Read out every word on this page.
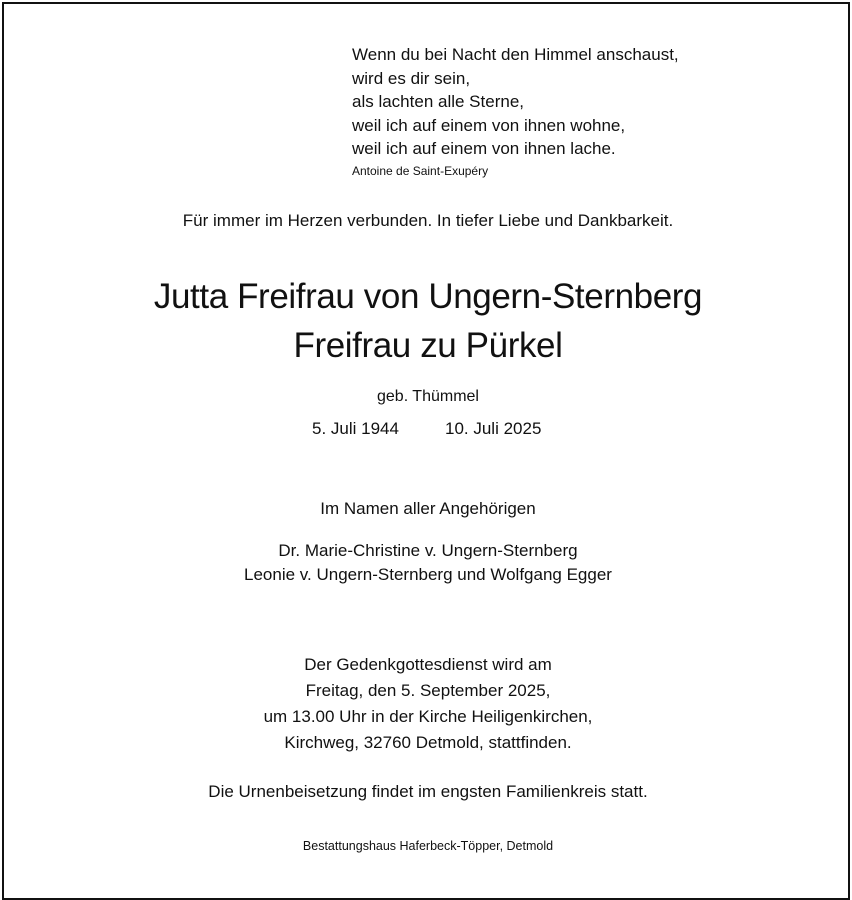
Wenn du bei Nacht den Himmel anschaust,
wird es dir sein,
als lachten alle Sterne,
weil ich auf einem von ihnen wohne,
weil ich auf einem von ihnen lache.
Antoine de Saint-Exupéry
Für immer im Herzen verbunden. In tiefer Liebe und Dankbarkeit.
Jutta Freifrau von Ungern-Sternberg
Freifrau zu Pürkel
geb. Thümmel
5. Juli 1944	10. Juli 2025
Im Namen aller Angehörigen
Dr. Marie-Christine v. Ungern-Sternberg
Leonie v. Ungern-Sternberg und Wolfgang Egger
Der Gedenkgottesdienst wird am
Freitag, den 5. September 2025,
um 13.00 Uhr in der Kirche Heiligenkirchen,
Kirchweg, 32760 Detmold, stattfinden.
Die Urnenbeisetzung findet im engsten Familienkreis statt.
Bestattungshaus Haferbeck-Töpper, Detmold
